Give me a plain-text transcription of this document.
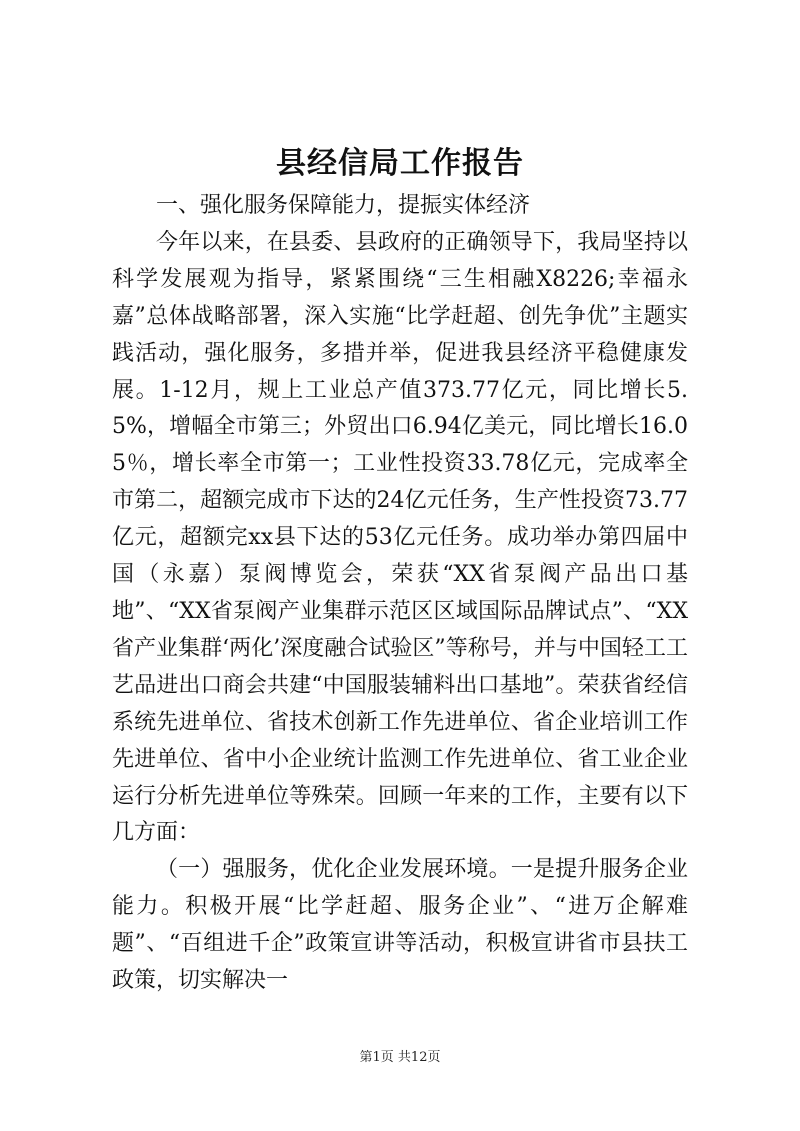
县经信局工作报告

一、强化服务保障能力，提振实体经济

今年以来，在县委、县政府的正确领导下，我局坚持以科学发展观为指导，紧紧围绕“三生相融X8226;幸福永嘉”总体战略部署，深入实施“比学赶超、创先争优”主题实践活动，强化服务，多措并举，促进我县经济平稳健康发展。1-12月，规上工业总产值373.77亿元，同比增长5.5%，增幅全市第三；外贸出口6.94亿美元，同比增长16.05％，增长率全市第一；工业性投资33.78亿元，完成率全市第二，超额完成市下达的24亿元任务，生产性投资73.77亿元，超额完xx县下达的53亿元任务。成功举办第四届中国（永嘉）泵阀博览会，荣获“XX省泵阀产品出口基地”、“XX省泵阀产业集群示范区区域国际品牌试点”、“XX省产业集群‘两化’深度融合试验区”等称号，并与中国轻工工艺品进出口商会共建“中国服装辅料出口基地”。荣获省经信系统先进单位、省技术创新工作先进单位、省企业培训工作先进单位、省中小企业统计监测工作先进单位、省工业企业运行分析先进单位等殊荣。回顾一年来的工作，主要有以下几方面：

（一）强服务，优化企业发展环境。一是提升服务企业能力。积极开展“比学赶超、服务企业”、“进万企解难题”、“百组进千企”政策宣讲等活动，积极宣讲省市县扶工政策，切实解决一

第1页 共12页
